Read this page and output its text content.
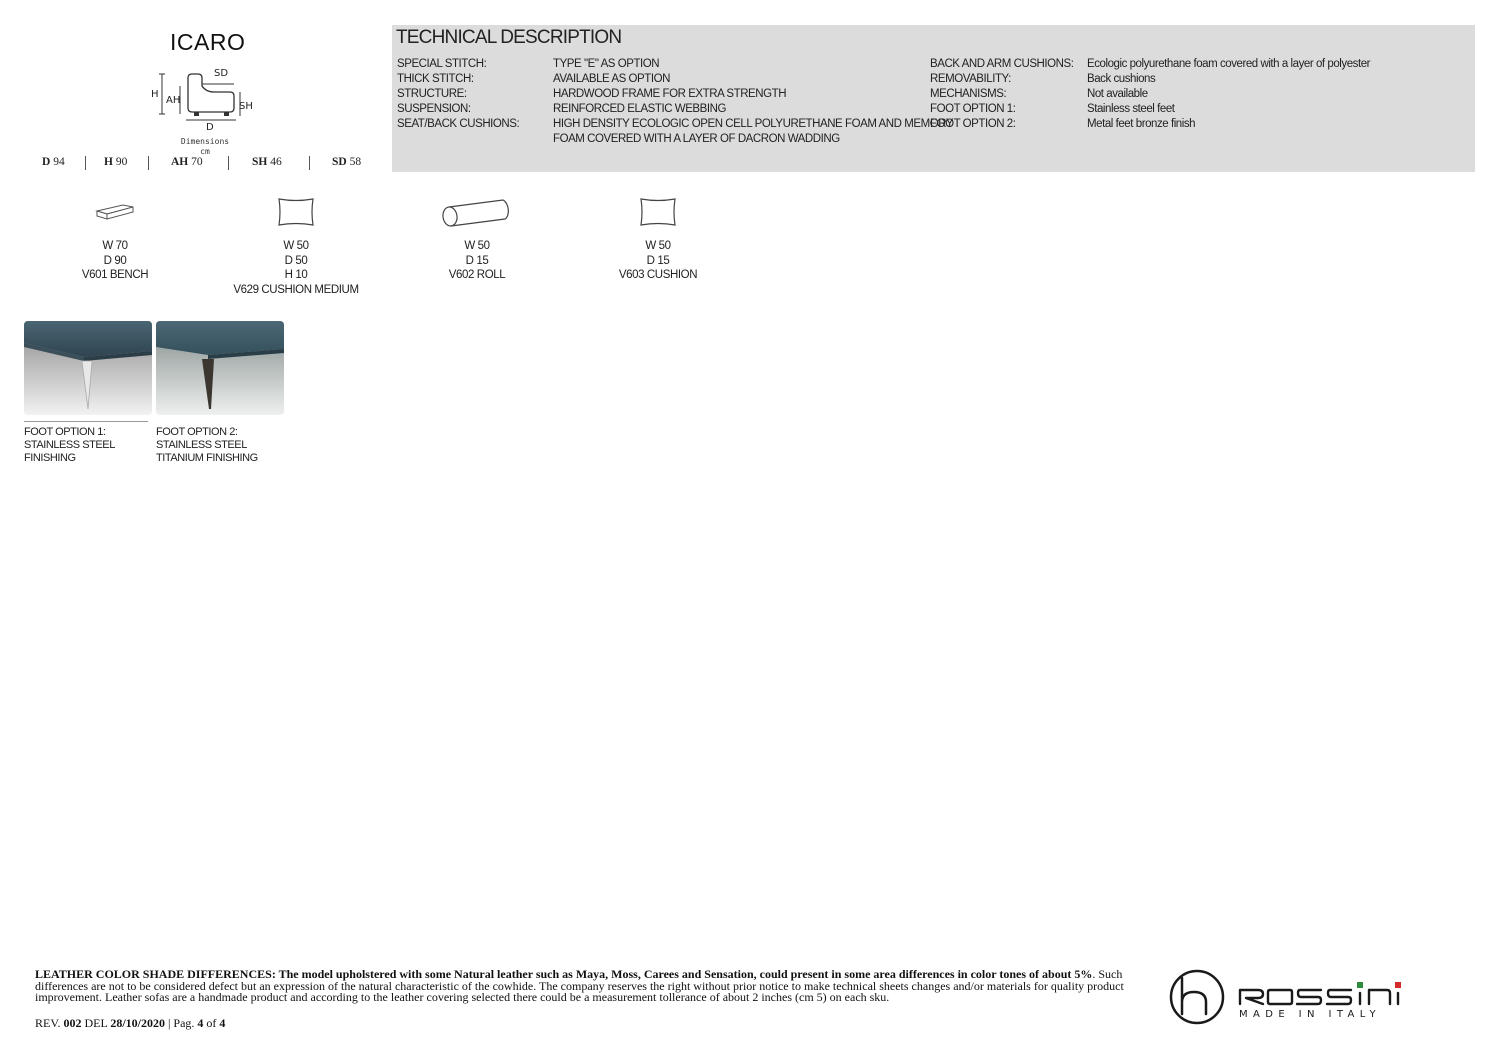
ICARO
H
AH
SD
SH
D
Dimensions
cm
D 94	H 90	AH 70	SH 46	SD 58
TECHNICAL DESCRIPTION
SPECIAL STITCH:	TYPE "E" AS OPTION
THICK STITCH:	AVAILABLE AS OPTION
STRUCTURE:	HARDWOOD FRAME FOR EXTRA STRENGTH
SUSPENSION:	REINFORCED ELASTIC WEBBING
SEAT/BACK CUSHIONS:	HIGH DENSITY ECOLOGIC OPEN CELL POLYURETHANE FOAM AND MEMORY
FOAM COVERED WITH A LAYER OF DACRON WADDING
BACK AND ARM CUSHIONS: Ecologic polyurethane foam covered with a layer of polyester
REMOVABILITY:	Back cushions
MECHANISMS:	Not available
FOOT OPTION 1:	Stainless steel feet
FOOT OPTION 2:	Metal feet bronze finish
W 70
D 90
V601 BENCH
W 50
D 50
H 10
V629 CUSHION MEDIUM
W 50
D 15
V602 ROLL
W 50
D 15
V603 CUSHION
FOOT OPTION 1:
STAINLESS STEEL
FINISHING
FOOT OPTION 2:
STAINLESS STEEL
TITANIUM FINISHING
LEATHER COLOR SHADE DIFFERENCES: The model upholstered with some Natural leather such as Maya, Moss, Carees and Sensation, could present in some area differences in color tones of about 5%. Such differences are not to be considered defect but an expression of the natural characteristic of the cowhide. The company reserves the right without prior notice to make technical sheets changes and/or materials for quality product improvement. Leather sofas are a handmade product and according to the leather covering selected there could be a measurement tollerance of about 2 inches (cm 5) on each sku.
REV. 002 DEL 28/10/2020 | Pag. 4 of 4
MADE IN ITALY
